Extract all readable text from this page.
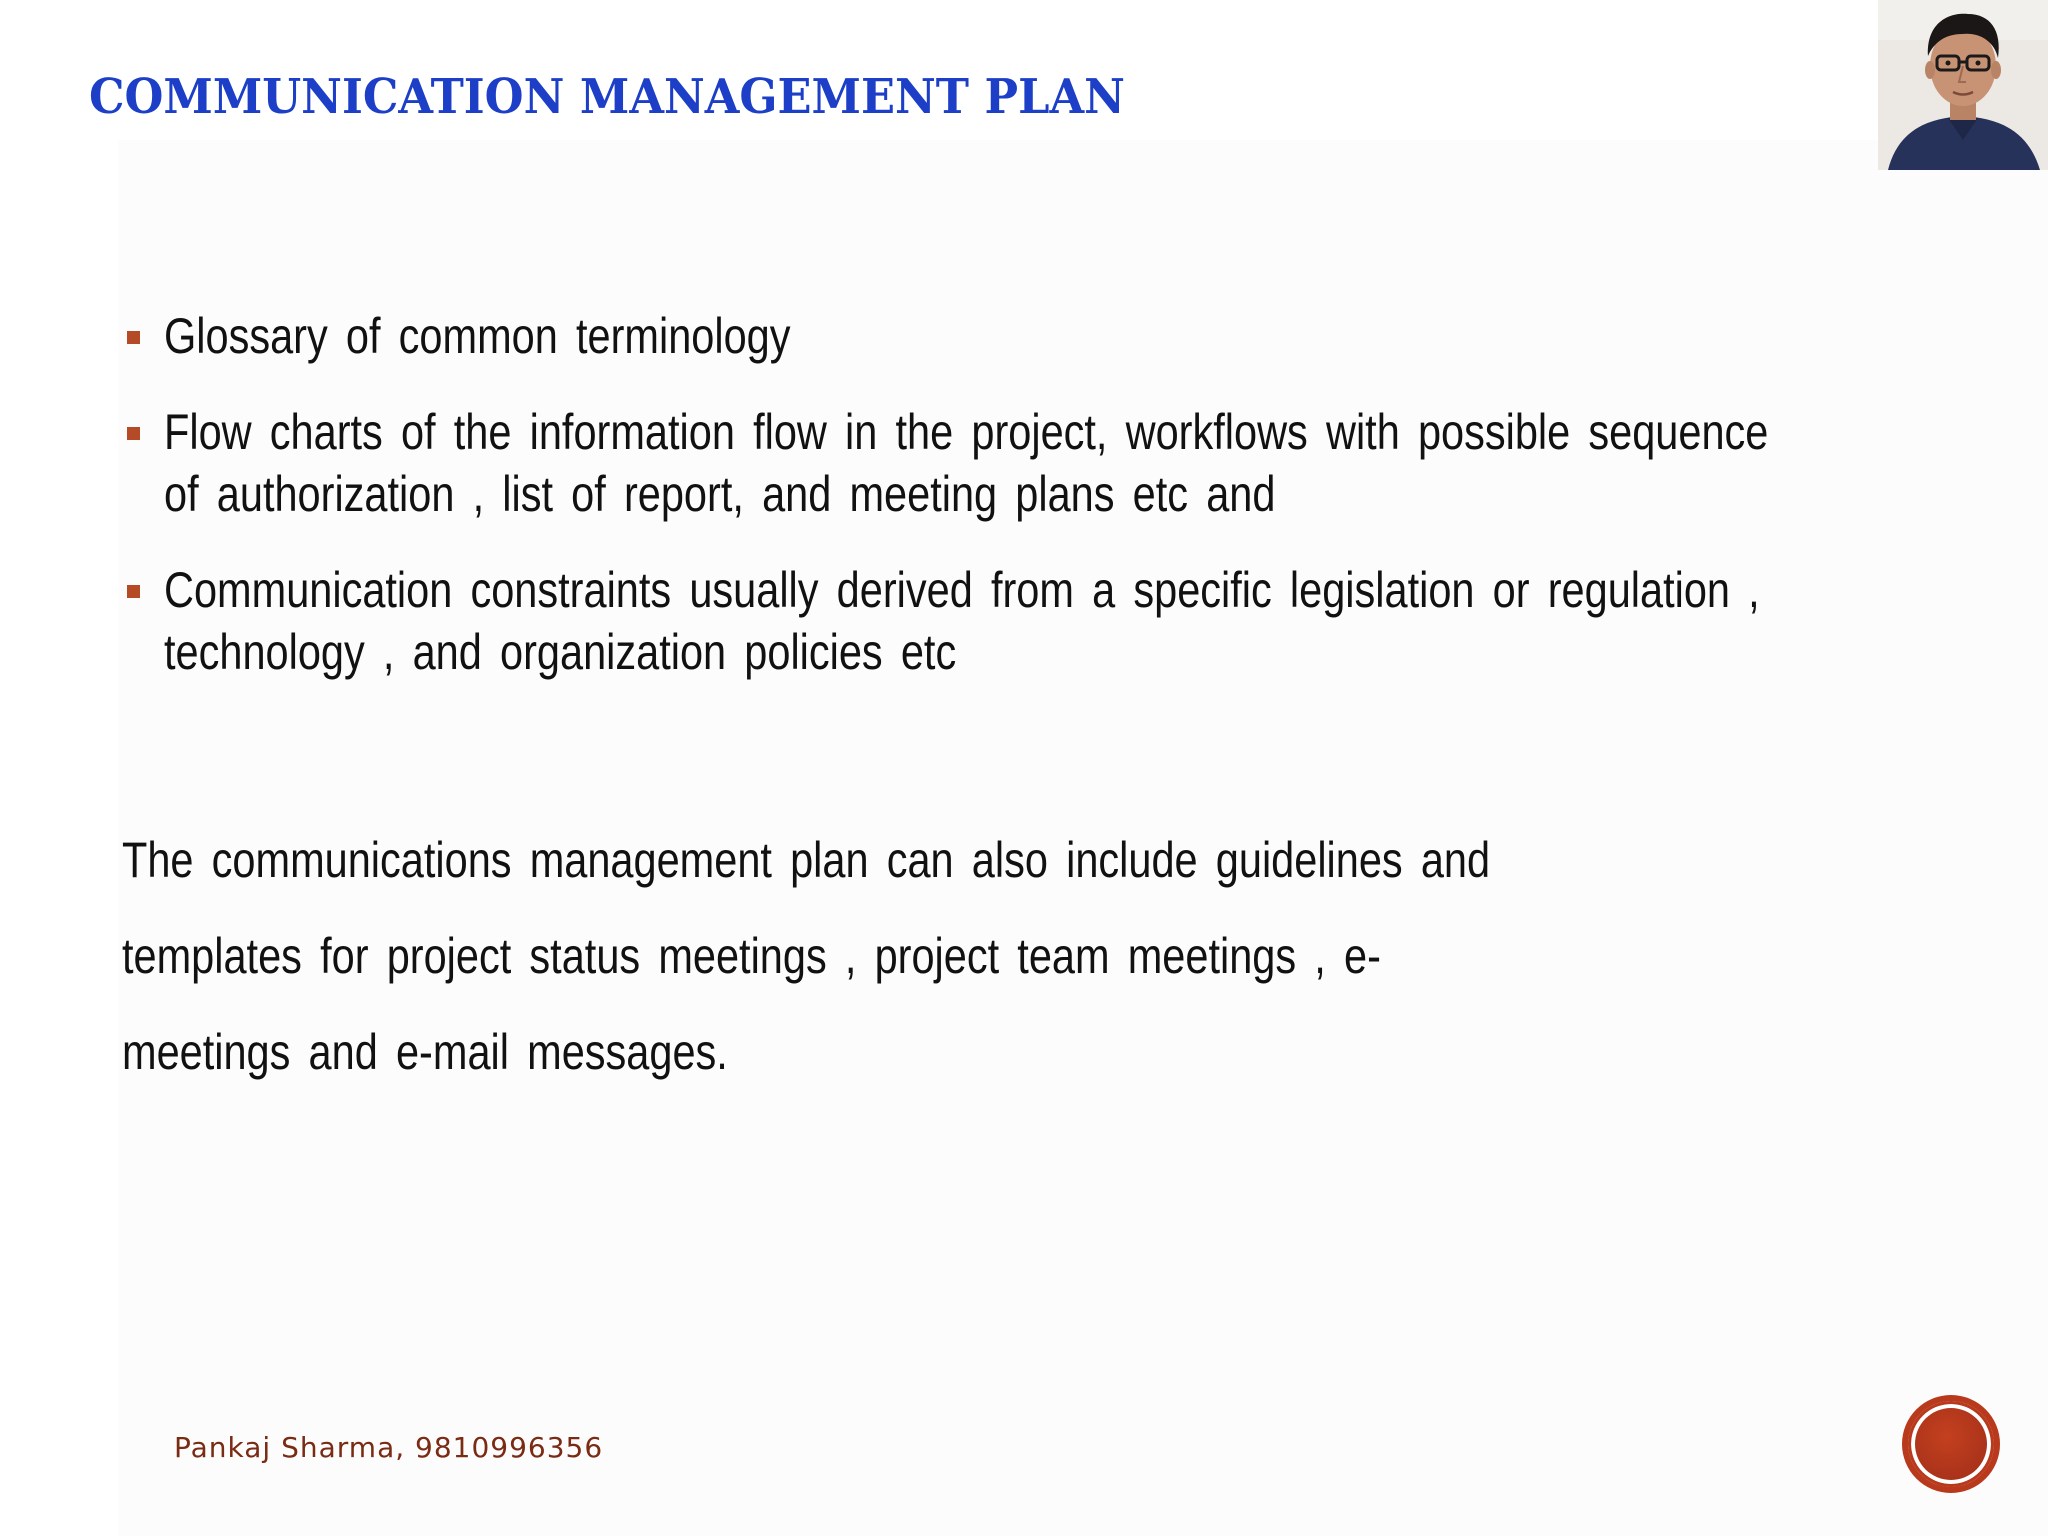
COMMUNICATION MANAGEMENT PLAN
Glossary of common terminology
Flow charts of the information flow in the project, workflows with possible sequence of authorization , list of report, and meeting plans etc and
Communication constraints usually derived from a specific legislation or regulation , technology , and organization policies etc

The communications management plan can also include guidelines and
templates for project status meetings , project team meetings , e-
meetings and e-mail messages.

Pankaj Sharma, 9810996356
